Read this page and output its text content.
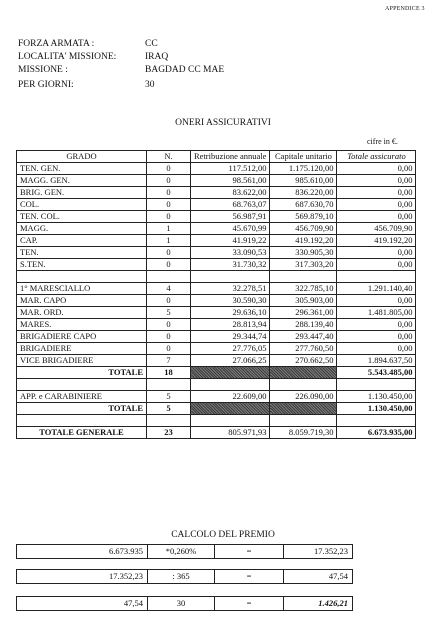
APPENDICE 3
FORZA ARMATA :	CC
LOCALITA' MISSIONE:	IRAQ
MISSIONE :	BAGDAD CC MAE
PER GIORNI:	30
ONERI ASSICURATIVI
cifre in €.
GRADO	N.	Retribuzione annuale	Capitale unitario	Totale assicurato
TEN. GEN.	0	117.512,00	1.175.120,00	0,00
MAGG. GEN.	0	98.561,00	985.610,00	0,00
BRIG. GEN.	0	83.622,00	836.220,00	0,00
COL.	0	68.763,07	687.630,70	0,00
TEN. COL.	0	56.987,91	569.879,10	0,00
MAGG.	1	45.670,99	456.709,90	456.709,90
CAP.	1	41.919,22	419.192,20	419.192,20
TEN.	0	33.090,53	330.905,30	0,00
S.TEN.	0	31.730,32	317.303,20	0,00

1° MARESCIALLO	4	32.278,51	322.785,10	1.291.140,40
MAR. CAPO	0	30.590,30	305.903,00	0,00
MAR. ORD.	5	29.636,10	296.361,00	1.481.805,00
MARES.	0	28.813,94	288.139,40	0,00
BRIGADIERE CAPO	0	29.344,74	293.447,40	0,00
BRIGADIERE	0	27.776,05	277.760,50	0,00
VICE BRIGADIERE	7	27.066,25	270.662,50	1.894.637,50
TOTALE	18			5.543.485,00

APP. e CARABINIERE	5	22.609,00	226.090,00	1.130.450,00
TOTALE	5			1.130.450,00

TOTALE GENERALE	23	805.971,93	8.059.719,30	6.673.935,00
CALCOLO DEL PREMIO
6.673.935	*0,260%	=	17.352,23
17.352,23	: 365	=	47,54
47,54	30	=	1.426,21
